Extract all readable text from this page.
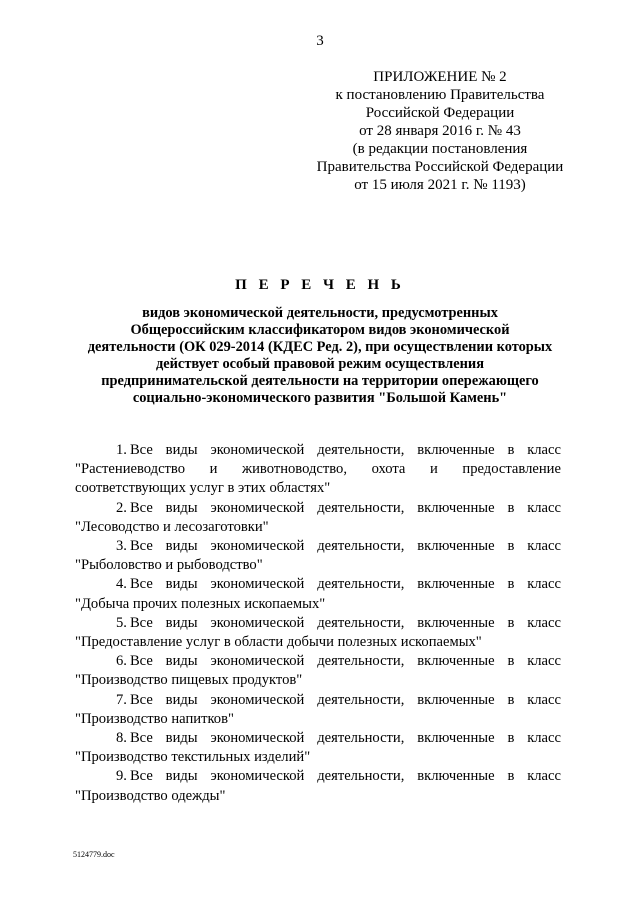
3
ПРИЛОЖЕНИЕ № 2
к постановлению Правительства
Российской Федерации
от 28 января 2016 г. № 43
(в редакции постановления
Правительства Российской Федерации
от 15 июля 2021 г. № 1193)
П Е Р Е Ч Е Н Ь
видов экономической деятельности, предусмотренных
Общероссийским классификатором видов экономической
деятельности (ОК 029-2014 (КДЕС Ред. 2), при осуществлении которых
действует особый правовой режим осуществления
предпринимательской деятельности на территории опережающего
социально-экономического развития "Большой Камень"
1. Все виды экономической деятельности, включенные в класс
"Растениеводство и животноводство, охота и предоставление
соответствующих услуг в этих областях"
2. Все виды экономической деятельности, включенные в класс
"Лесоводство и лесозаготовки"
3. Все виды экономической деятельности, включенные в класс
"Рыболовство и рыбоводство"
4. Все виды экономической деятельности, включенные в класс
"Добыча прочих полезных ископаемых"
5. Все виды экономической деятельности, включенные в класс
"Предоставление услуг в области добычи полезных ископаемых"
6. Все виды экономической деятельности, включенные в класс
"Производство пищевых продуктов"
7. Все виды экономической деятельности, включенные в класс
"Производство напитков"
8. Все виды экономической деятельности, включенные в класс
"Производство текстильных изделий"
9. Все виды экономической деятельности, включенные в класс
"Производство одежды"
5124779.doc
